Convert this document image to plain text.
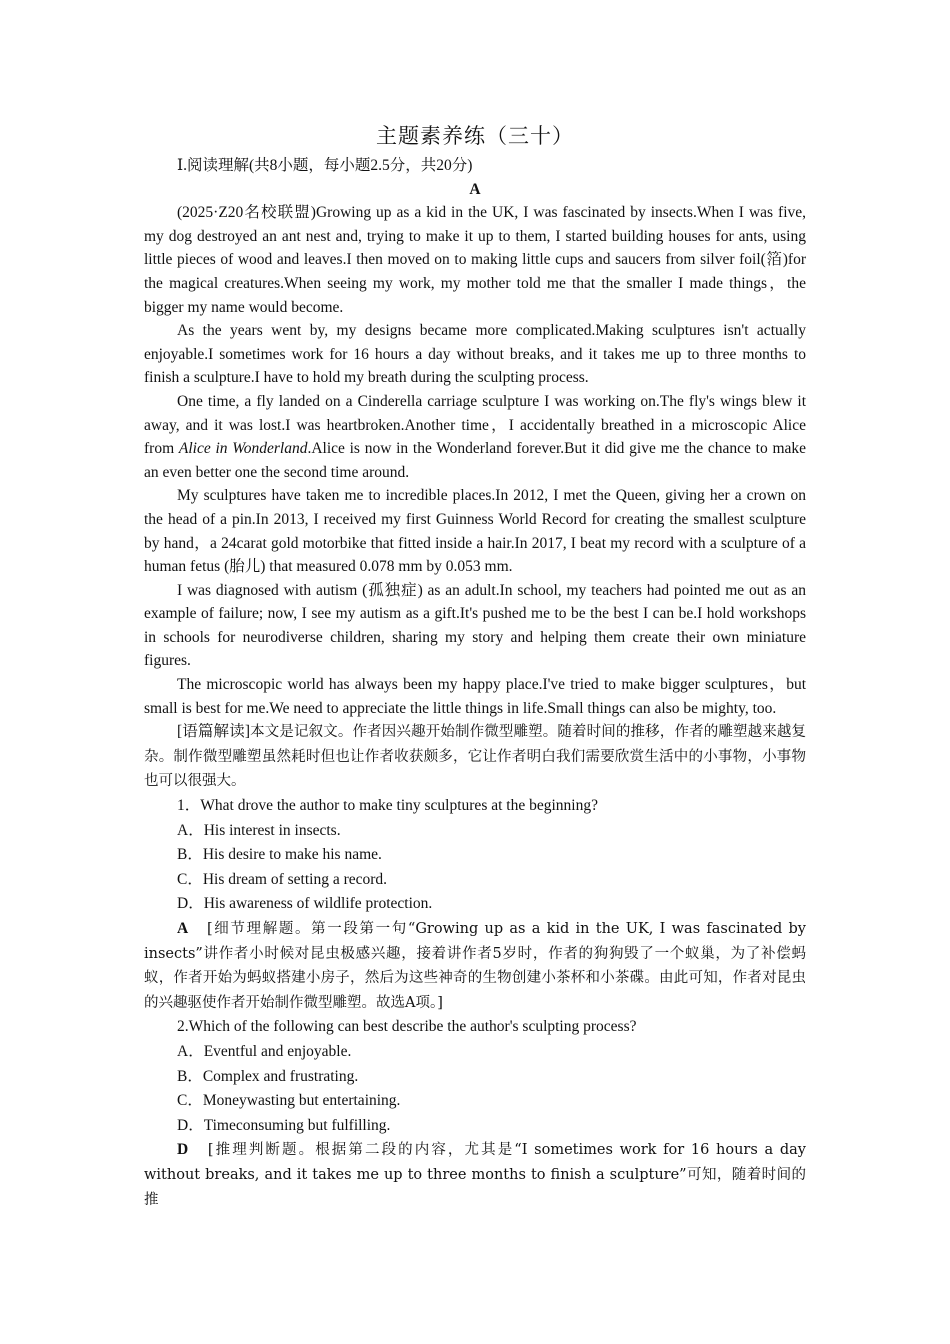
主题素养练（三十）
Ⅰ.阅读理解(共8小题，每小题2.5分，共20分)
A

(2025·Z20名校联盟)Growing up as a kid in the UK, I was fascinated by insects.When I was five, my dog destroyed an ant nest and, trying to make it up to them, I started building houses for ants, using little pieces of wood and leaves.I then moved on to making little cups and saucers from silver foil(箔)for the magical creatures.When seeing my work, my mother told me that the smaller I made things，the bigger my name would become.

As the years went by, my designs became more complicated.Making sculptures isn't actually enjoyable.I sometimes work for 16 hours a day without breaks, and it takes me up to three months to finish a sculpture.I have to hold my breath during the sculpting process.

One time, a fly landed on a Cinderella carriage sculpture I was working on.The fly's wings blew it away, and it was lost.I was heartbroken.Another time，I accidentally breathed in a microscopic Alice from Alice in Wonderland.Alice is now in the Wonderland forever.But it did give me the chance to make an even better one the second time around.

My sculptures have taken me to incredible places.In 2012, I met the Queen, giving her a crown on the head of a pin.In 2013, I received my first Guinness World Record for creating the smallest sculpture by hand，a 24carat gold motorbike that fitted inside a hair.In 2017, I beat my record with a sculpture of a human fetus (胎儿) that measured 0.078 mm by 0.053 mm.

I was diagnosed with autism (孤独症) as an adult.In school, my teachers had pointed me out as an example of failure; now, I see my autism as a gift.It's pushed me to be the best I can be.I hold workshops in schools for neurodiverse children, sharing my story and helping them create their own miniature figures.

The microscopic world has always been my happy place.I've tried to make bigger sculptures，but small is best for me.We need to appreciate the little things in life.Small things can also be mighty, too.

[语篇解读]本文是记叙文。作者因兴趣开始制作微型雕塑。随着时间的推移，作者的雕塑越来越复杂。制作微型雕塑虽然耗时但也让作者收获颇多，它让作者明白我们需要欣赏生活中的小事物，小事物也可以很强大。

1．What drove the author to make tiny sculptures at the beginning?
A．His interest in insects.
B．His desire to make his name.
C．His dream of setting a record.
D．His awareness of wildlife protection.

A　 [细节理解题。第一段第一句“Growing up as a kid in the UK, I was fascinated by insects”讲作者小时候对昆虫极感兴趣，接着讲作者5岁时，作者的狗狗毁了一个蚁巢，为了补偿蚂蚁，作者开始为蚂蚁搭建小房子，然后为这些神奇的生物创建小茶杯和小茶碟。由此可知，作者对昆虫的兴趣驱使作者开始制作微型雕塑。故选A项。]

2.Which of the following can best describe the author's sculpting process?
A．Eventful and enjoyable.
B．Complex and frustrating.
C．Moneywasting but entertaining.
D．Timeconsuming but fulfilling.

D　 [推理判断题。根据第二段的内容，尤其是“I sometimes work for 16 hours a day without breaks, and it takes me up to three months to finish a sculpture”可知，随着时间的推
